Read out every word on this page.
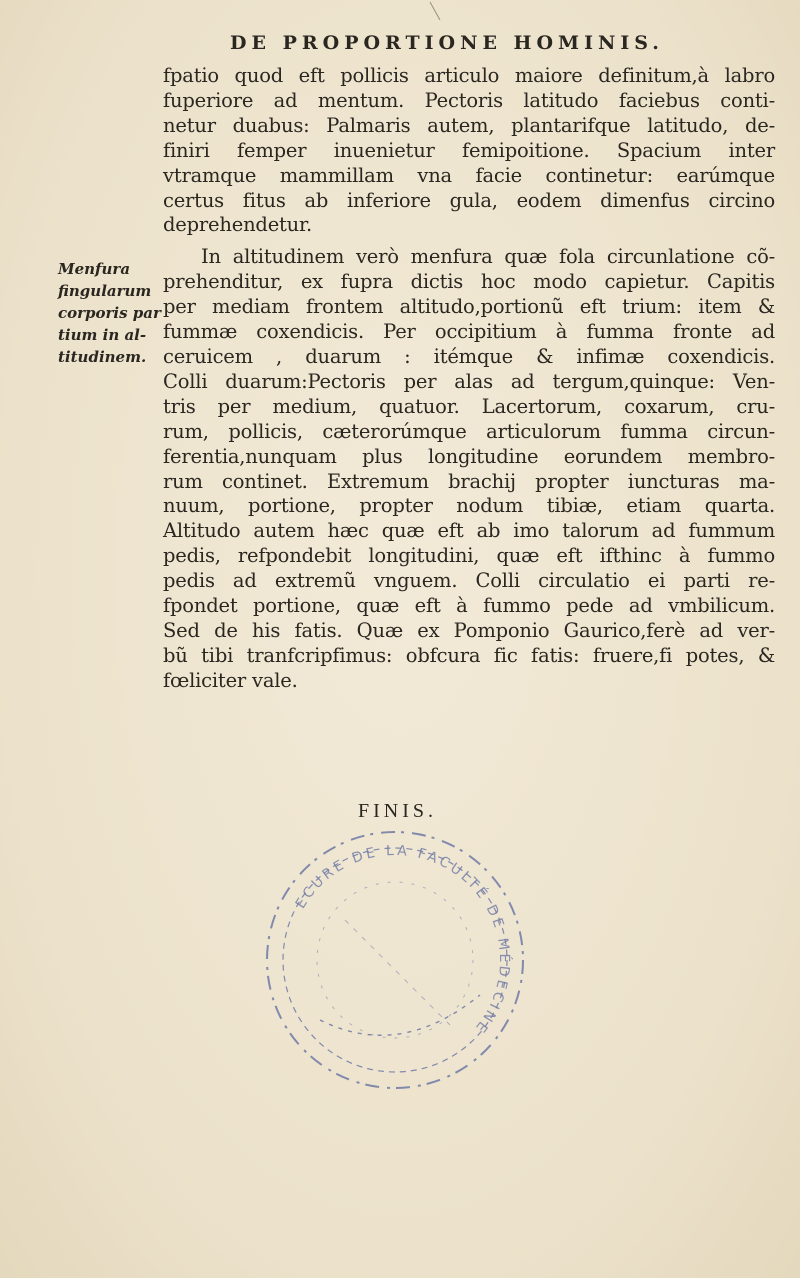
DE PROPORTIONE HOMINIS.
Menfura
fingularum
corporis par
tium in al-
titudinem.
fpatio quod eft pollicis articulo maiore definitum,à labro
fuperiore ad mentum. Pectoris latitudo faciebus conti-
netur duabus: Palmaris autem, plantarifque latitudo, de-
finiri femper inuenietur femipoitione. Spacium inter
vtramque mammillam vna facie continetur: earúmque
certus fitus ab inferiore gula, eodem dimenfus circino
deprehendetur.
In altitudinem verò menfura quæ fola circunlatione cõ-
prehenditur, ex fupra dictis hoc modo capietur. Capitis
per mediam frontem altitudo,portionũ eft trium: item &
fummæ coxendicis. Per occipitium à fumma fronte ad
ceruicem , duarum : itémque & infimæ coxendicis.
Colli duarum:Pectoris per alas ad tergum,quinque: Ven-
tris per medium, quatuor. Lacertorum, coxarum, cru-
rum, pollicis, cæterorúmque articulorum fumma circun-
ferentia,nunquam plus longitudine eorundem membro-
rum continet. Extremum brachij propter iuncturas ma-
nuum, portione, propter nodum tibiæ, etiam quarta.
Altitudo autem hæc quæ eft ab imo talorum ad fummum
pedis, refpondebit longitudini, quæ eft ifthinc à fummo
pedis ad extremũ vnguem. Colli circulatio ei parti re-
fpondet portione, quæ eft à fummo pede ad vmbilicum.
Sed de his fatis. Quæ ex Pomponio Gaurico,ferè ad ver-
bũ tibi tranfcripfimus: obfcura fic fatis: fruere,fi potes, &
fœliciter vale.
FINIS.
ECURE DE LA FACULTÉ DE MÉDECINE
